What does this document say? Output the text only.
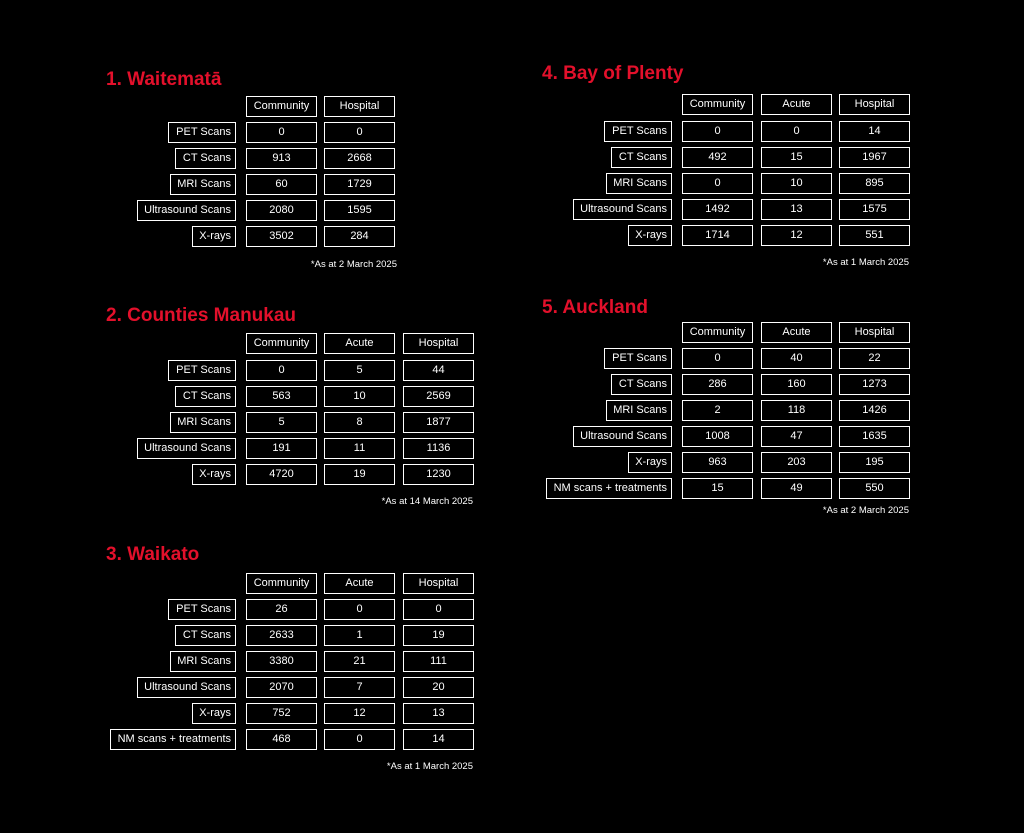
1. Waitematā
Community	Hospital
PET Scans	0	0
CT Scans	913	2668
MRI Scans	60	1729
Ultrasound Scans	2080	1595
X-rays	3502	284
*As at 2 March 2025
2. Counties Manukau
Community	Acute	Hospital
PET Scans	0	5	44
CT Scans	563	10	2569
MRI Scans	5	8	1877
Ultrasound Scans	191	11	1136
X-rays	4720	19	1230
*As at 14 March 2025
3. Waikato
Community	Acute	Hospital
PET Scans	26	0	0
CT Scans	2633	1	19
MRI Scans	3380	21	111
Ultrasound Scans	2070	7	20
X-rays	752	12	13
NM scans + treatments	468	0	14
*As at 1 March 2025
4. Bay of Plenty
Community	Acute	Hospital
PET Scans	0	0	14
CT Scans	492	15	1967
MRI Scans	0	10	895
Ultrasound Scans	1492	13	1575
X-rays	1714	12	551
*As at 1 March 2025
5. Auckland
Community	Acute	Hospital
PET Scans	0	40	22
CT Scans	286	160	1273
MRI Scans	2	118	1426
Ultrasound Scans	1008	47	1635
X-rays	963	203	195
NM scans + treatments	15	49	550
*As at 2 March 2025
